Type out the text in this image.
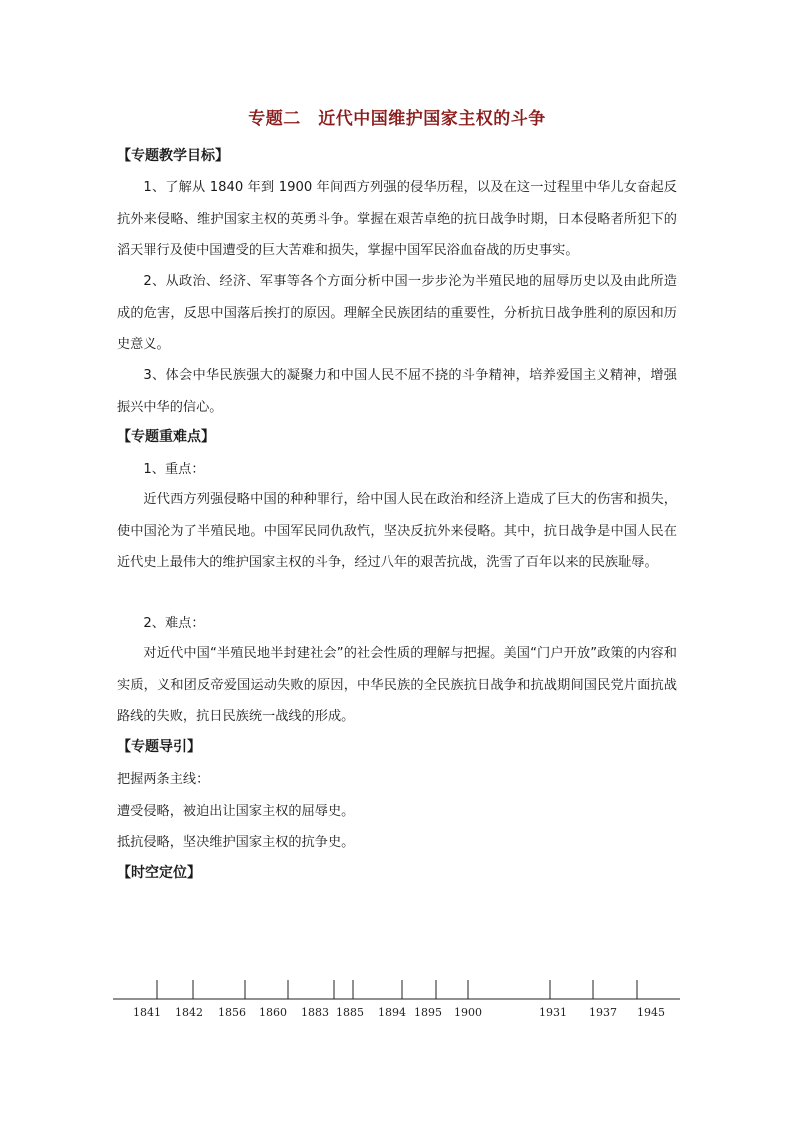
专题二　近代中国维护国家主权的斗争
【专题教学目标】

1、了解从 1840 年到 1900 年间西方列强的侵华历程，以及在这一过程里中华儿女奋起反抗外来侵略、维护国家主权的英勇斗争。掌握在艰苦卓绝的抗日战争时期，日本侵略者所犯下的滔天罪行及使中国遭受的巨大苦难和损失，掌握中国军民浴血奋战的历史事实。

2、从政治、经济、军事等各个方面分析中国一步步沦为半殖民地的屈辱历史以及由此所造成的危害，反思中国落后挨打的原因。理解全民族团结的重要性，分析抗日战争胜利的原因和历史意义。

3、体会中华民族强大的凝聚力和中国人民不屈不挠的斗争精神，培养爱国主义精神，增强振兴中华的信心。

【专题重难点】

1、重点：

近代西方列强侵略中国的种种罪行，给中国人民在政治和经济上造成了巨大的伤害和损失，使中国沦为了半殖民地。中国军民同仇敌忾，坚决反抗外来侵略。其中，抗日战争是中国人民在近代史上最伟大的维护国家主权的斗争，经过八年的艰苦抗战，洗雪了百年以来的民族耻辱。

2、难点：

对近代中国“半殖民地半封建社会”的社会性质的理解与把握。美国“门户开放”政策的内容和实质，义和团反帝爱国运动失败的原因，中华民族的全民族抗日战争和抗战期间国民党片面抗战路线的失败，抗日民族统一战线的形成。

【专题导引】

把握两条主线：

遭受侵略，被迫出让国家主权的屈辱史。

抵抗侵略，坚决维护国家主权的抗争史。

【时空定位】
1841 1842 1856 1860 1883 1885 1894 1895 1900	1931 1937 1945
